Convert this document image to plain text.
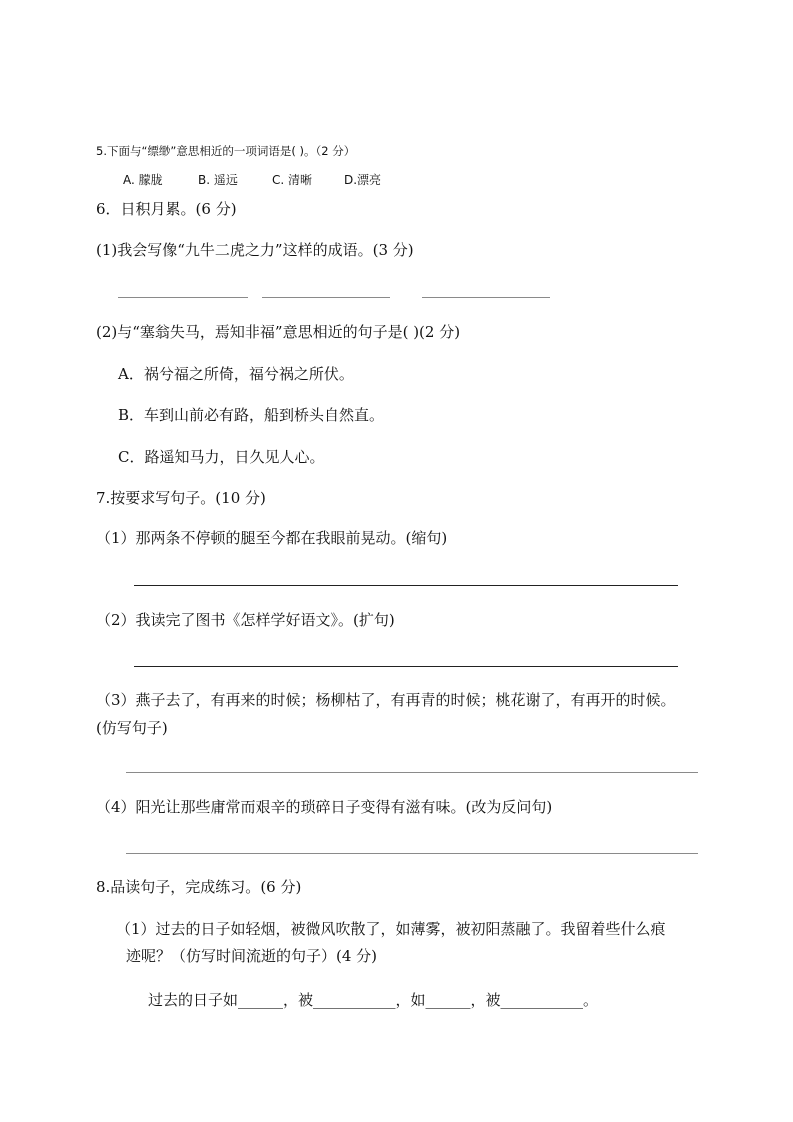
5.下面与“缥缈”意思相近的一项词语是( )。（2 分）
A. 朦胧	B. 遥远	C. 清晰	D.漂亮
6．日积月累。(6 分)
(1)我会写像“九牛二虎之力”这样的成语。(3 分)
(2)与“塞翁失马，焉知非福”意思相近的句子是( )(2 分)
A．祸兮福之所倚，福兮祸之所伏。
B．车到山前必有路，船到桥头自然直。
C．路遥知马力，日久见人心。
7.按要求写句子。(10 分)
（1）那两条不停顿的腿至今都在我眼前晃动。(缩句)
（2）我读完了图书《怎样学好语文》。(扩句)
（3）燕子去了，有再来的时候；杨柳枯了，有再青的时候；桃花谢了，有再开的时候。
(仿写句子)
（4）阳光让那些庸常而艰辛的琐碎日子变得有滋有味。(改为反问句)
8.品读句子，完成练习。(6 分)
（1）过去的日子如轻烟，被微风吹散了，如薄雾，被初阳蒸融了。我留着些什么痕
迹呢？（仿写时间流逝的句子）(4 分)
过去的日子如______，被___________，如______，被___________。
